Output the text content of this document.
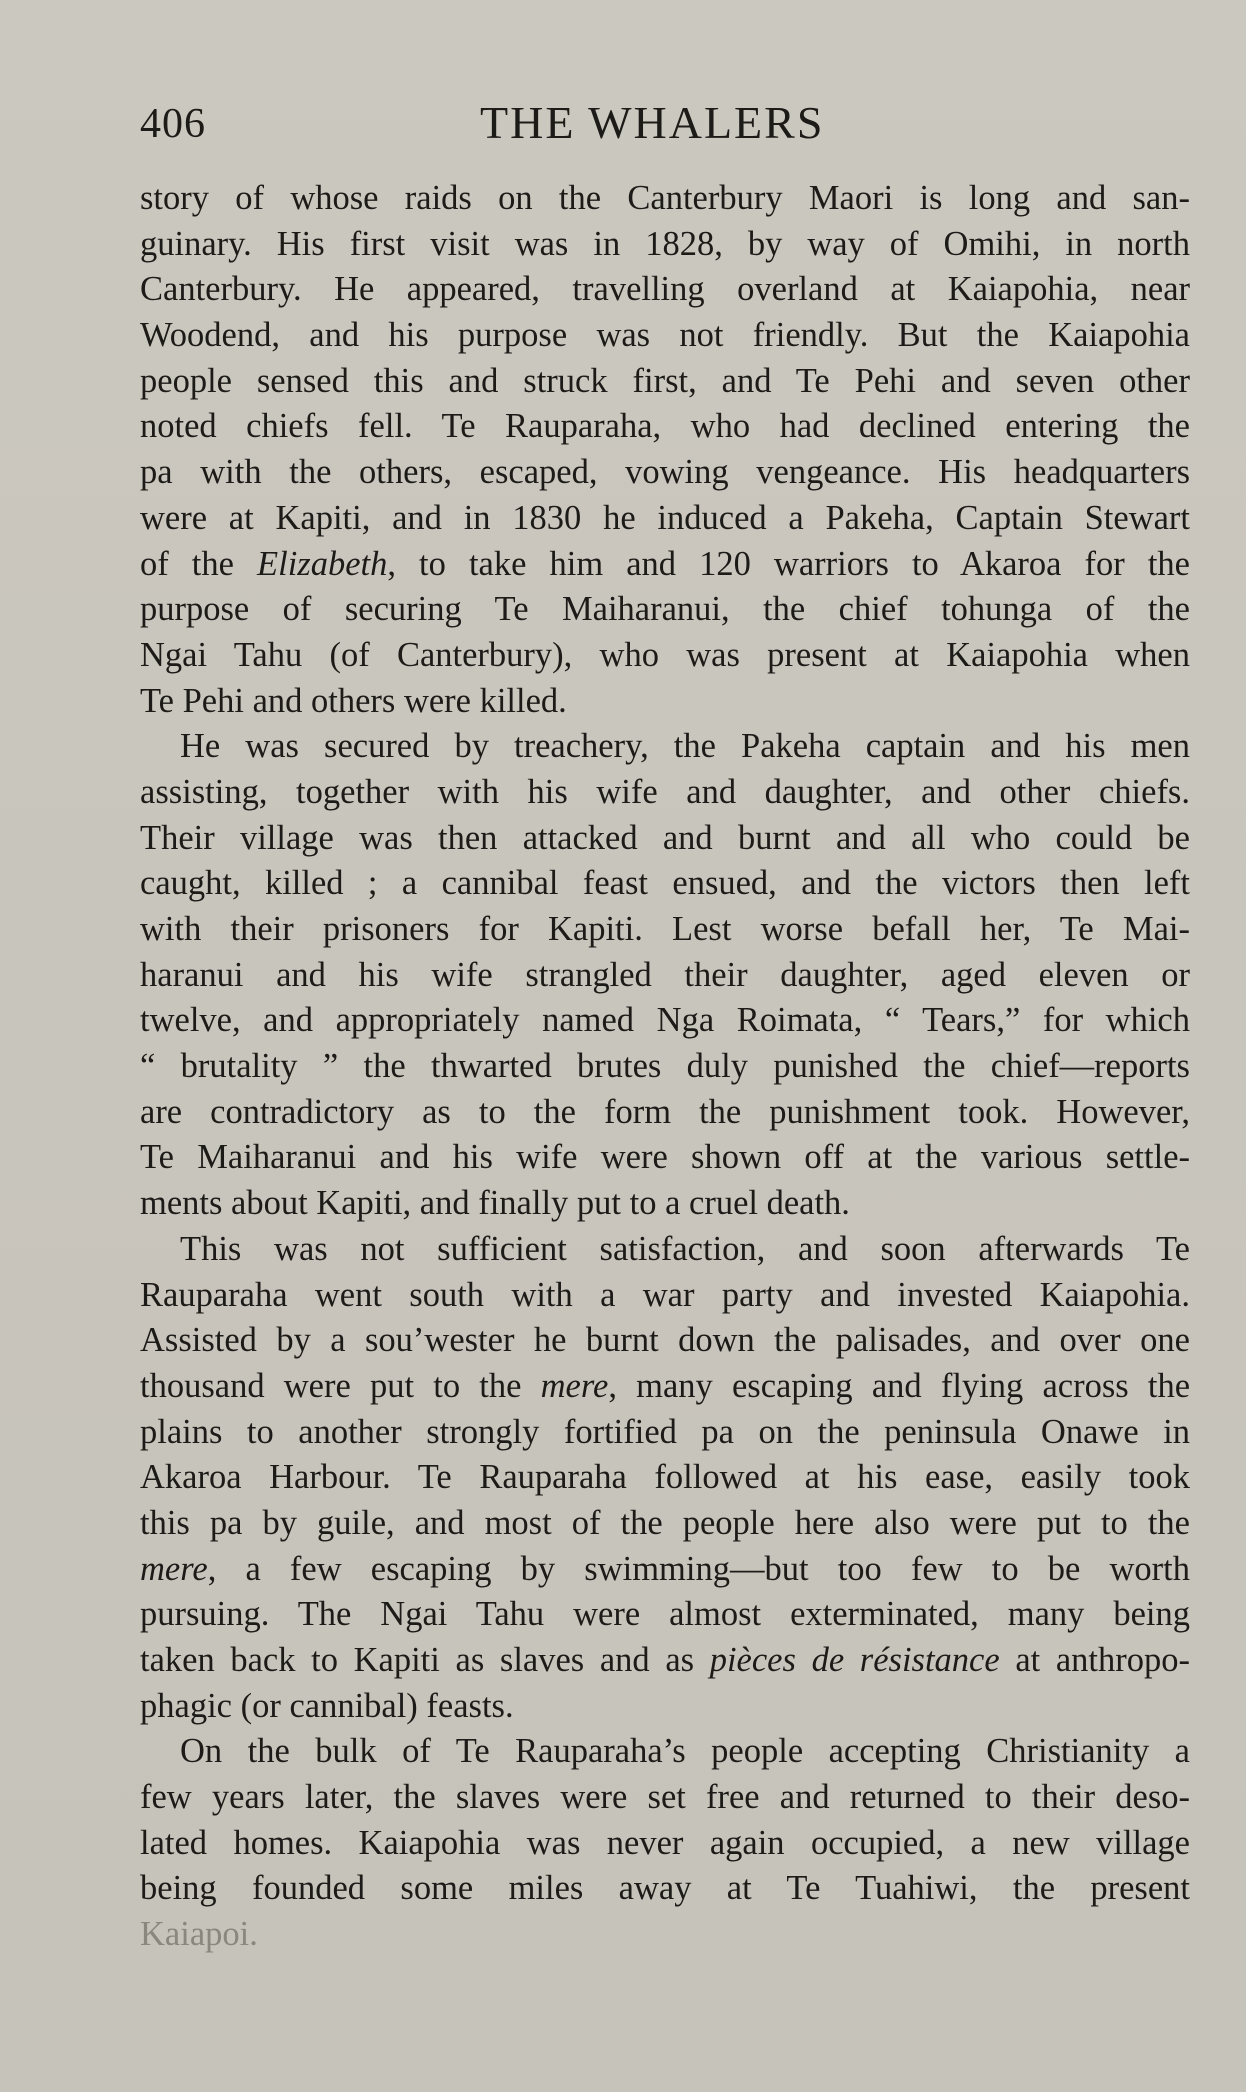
406	THE WHALERS
story of whose raids on the Canterbury Maori is long and san-
guinary. His first visit was in 1828, by way of Omihi, in north
Canterbury. He appeared, travelling overland at Kaiapohia, near
Woodend, and his purpose was not friendly. But the Kaiapohia
people sensed this and struck first, and Te Pehi and seven other
noted chiefs fell. Te Rauparaha, who had declined entering the
pa with the others, escaped, vowing vengeance. His headquarters
were at Kapiti, and in 1830 he induced a Pakeha, Captain Stewart
of the Elizabeth, to take him and 120 warriors to Akaroa for the
purpose of securing Te Maiharanui, the chief tohunga of the
Ngai Tahu (of Canterbury), who was present at Kaiapohia when
Te Pehi and others were killed.
He was secured by treachery, the Pakeha captain and his men
assisting, together with his wife and daughter, and other chiefs.
Their village was then attacked and burnt and all who could be
caught, killed ; a cannibal feast ensued, and the victors then left
with their prisoners for Kapiti. Lest worse befall her, Te Mai-
haranui and his wife strangled their daughter, aged eleven or
twelve, and appropriately named Nga Roimata, “ Tears,” for which
“ brutality ” the thwarted brutes duly punished the chief—reports
are contradictory as to the form the punishment took. However,
Te Maiharanui and his wife were shown off at the various settle-
ments about Kapiti, and finally put to a cruel death.
This was not sufficient satisfaction, and soon afterwards Te
Rauparaha went south with a war party and invested Kaiapohia.
Assisted by a sou’wester he burnt down the palisades, and over one
thousand were put to the mere, many escaping and flying across the
plains to another strongly fortified pa on the peninsula Onawe in
Akaroa Harbour. Te Rauparaha followed at his ease, easily took
this pa by guile, and most of the people here also were put to the
mere, a few escaping by swimming—but too few to be worth
pursuing. The Ngai Tahu were almost exterminated, many being
taken back to Kapiti as slaves and as pièces de résistance at anthropo-
phagic (or cannibal) feasts.
On the bulk of Te Rauparaha’s people accepting Christianity a
few years later, the slaves were set free and returned to their deso-
lated homes. Kaiapohia was never again occupied, a new village
being founded some miles away at Te Tuahiwi, the present
Kaiapoi.
